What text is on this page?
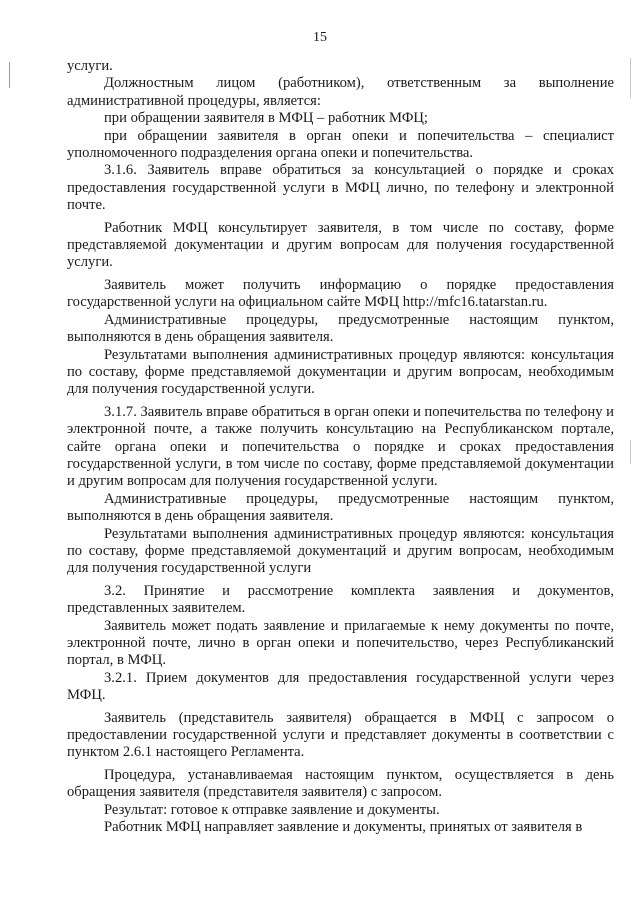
15

услуги.

Должностным лицом (работником), ответственным за выполнение административной процедуры, является:

при обращении заявителя в МФЦ – работник МФЦ;

при обращении заявителя в орган опеки и попечительства – специалист уполномоченного подразделения органа опеки и попечительства.

3.1.6. Заявитель вправе обратиться за консультацией о порядке и сроках предоставления государственной услуги в МФЦ лично, по телефону и электронной почте.

Работник МФЦ консультирует заявителя, в том числе по составу, форме представляемой документации и другим вопросам для получения государственной услуги.

Заявитель может получить информацию о порядке предоставления государственной услуги на официальном сайте МФЦ http://mfc16.tatarstan.ru.

Административные процедуры, предусмотренные настоящим пунктом, выполняются в день обращения заявителя.

Результатами выполнения административных процедур являются: консультация по составу, форме представляемой документации и другим вопросам, необходимым для получения государственной услуги.

3.1.7. Заявитель вправе обратиться в орган опеки и попечительства по телефону и электронной почте, а также получить консультацию на Республиканском портале, сайте органа опеки и попечительства о порядке и сроках предоставления государственной услуги, в том числе по составу, форме представляемой документации и другим вопросам для получения государственной услуги.

Административные процедуры, предусмотренные настоящим пунктом, выполняются в день обращения заявителя.

Результатами выполнения административных процедур являются: консультация по составу, форме представляемой документаций и другим вопросам, необходимым для получения государственной услуги

3.2. Принятие и рассмотрение комплекта заявления и документов, представленных заявителем.

Заявитель может подать заявление и прилагаемые к нему документы по почте, электронной почте, лично в орган опеки и попечительство, через Республиканский портал, в МФЦ.

3.2.1. Прием документов для предоставления государственной услуги через МФЦ.

Заявитель (представитель заявителя) обращается в МФЦ с запросом о предоставлении государственной услуги и представляет документы в соответствии с пунктом 2.6.1 настоящего Регламента.

Процедура, устанавливаемая настоящим пунктом, осуществляется в день обращения заявителя (представителя заявителя) с запросом.

Результат: готовое к отправке заявление и документы.

Работник МФЦ направляет заявление и документы, принятых от заявителя в
